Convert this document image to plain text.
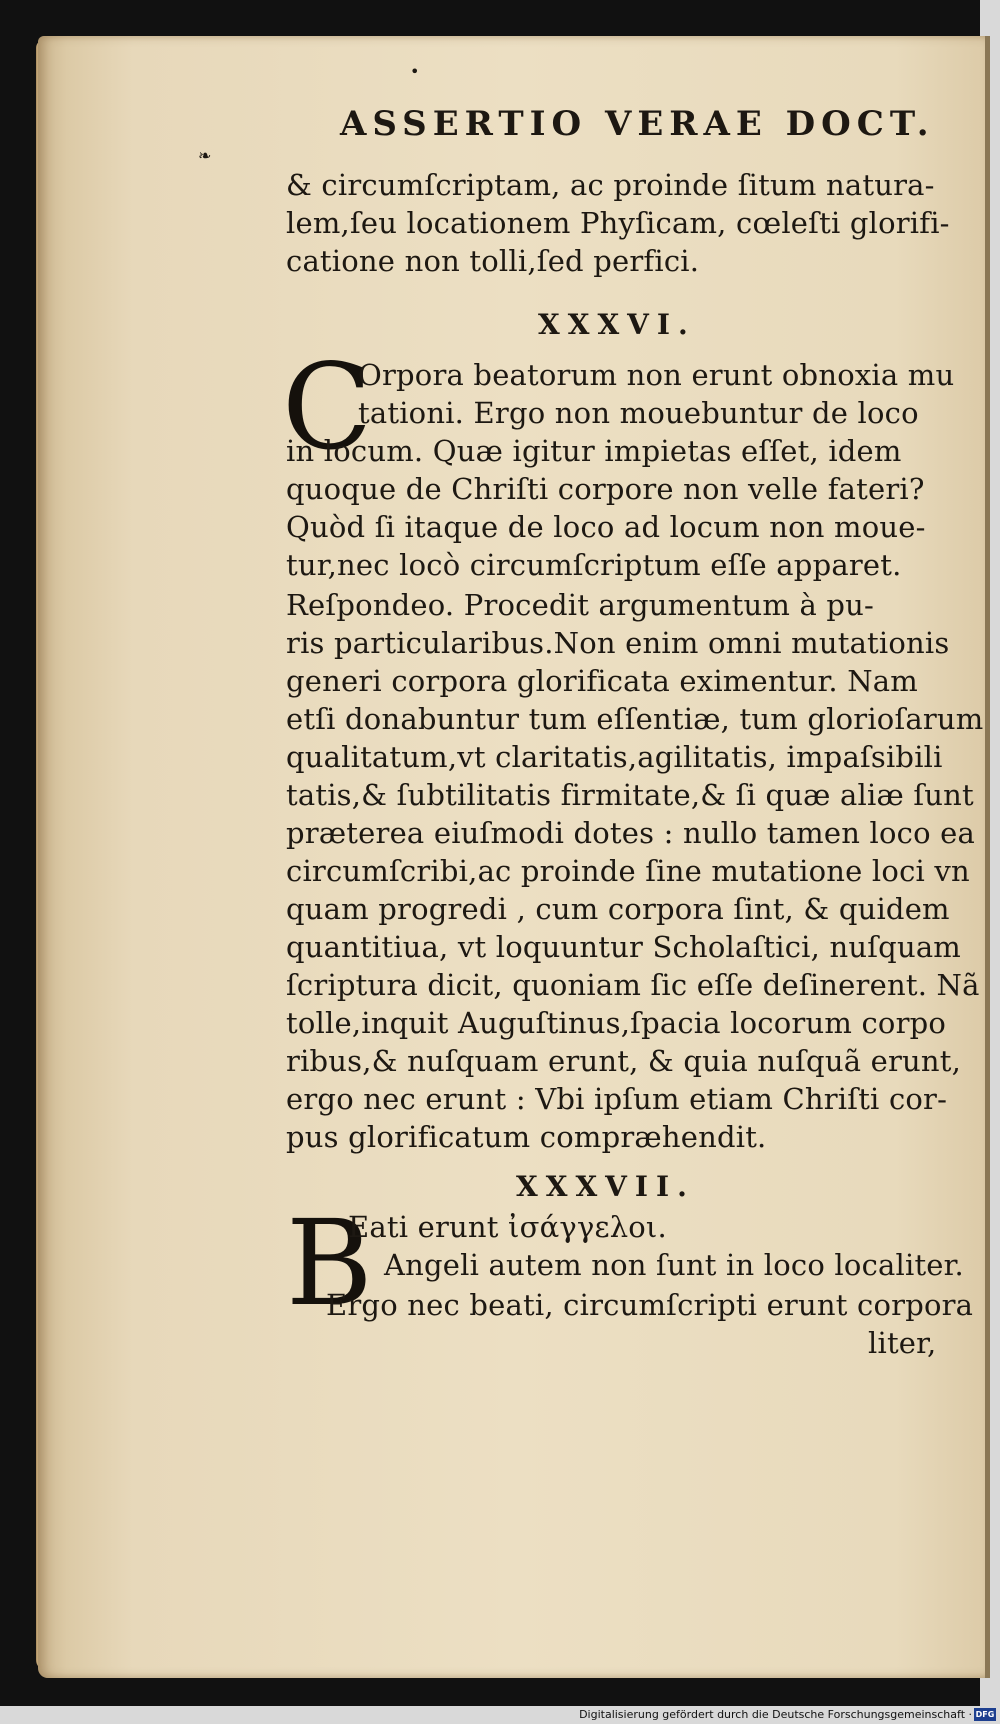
•
ASSERTIO VERAE DOCT.
❧
& circumſcriptam, ac proinde ſitum natura-
lem,ſeu locationem Phyſicam, cœleſti glorifi-
catione non tolli,ſed perfici.
XXXVI.
C
Orpora beatorum non erunt obnoxia mu
tationi. Ergo non mouebuntur de loco
in locum. Quæ igitur impietas eſſet, idem
quoque de Chriſti corpore non velle fateri?
Quòd ſi itaque de loco ad locum non moue-
tur,nec locò circumſcriptum eſſe apparet.
Reſpondeo. Procedit argumentum à pu-
ris particularibus.Non enim omni mutationis
generi corpora glorificata eximentur. Nam
etſi donabuntur tum eſſentiæ, tum glorioſarum
qualitatum,vt claritatis,agilitatis, impaſsibili
tatis,& ſubtilitatis firmitate,& ſi quæ aliæ ſunt
præterea eiuſmodi dotes : nullo tamen loco ea
circumſcribi,ac proinde ſine mutatione loci vn
quam progredi , cum corpora ſint, & quidem
quantitiua, vt loquuntur Scholaſtici, nuſquam
ſcriptura dicit, quoniam ſic eſſe deſinerent. Nã
tolle,inquit Auguſtinus,ſpacia locorum corpo
ribus,& nuſquam erunt, & quia nuſquã erunt,
ergo nec erunt : Vbi ipſum etiam Chriſti cor-
pus glorificatum compræhendit.
XXXVII.
B
Eati erunt ἰσάγγελοι.
Angeli autem non ſunt in loco localiter.
Ergo nec beati, circumſcripti erunt corpora
liter,
Digitalisierung gefördert durch die Deutsche Forschungsgemeinschaft · DFG
